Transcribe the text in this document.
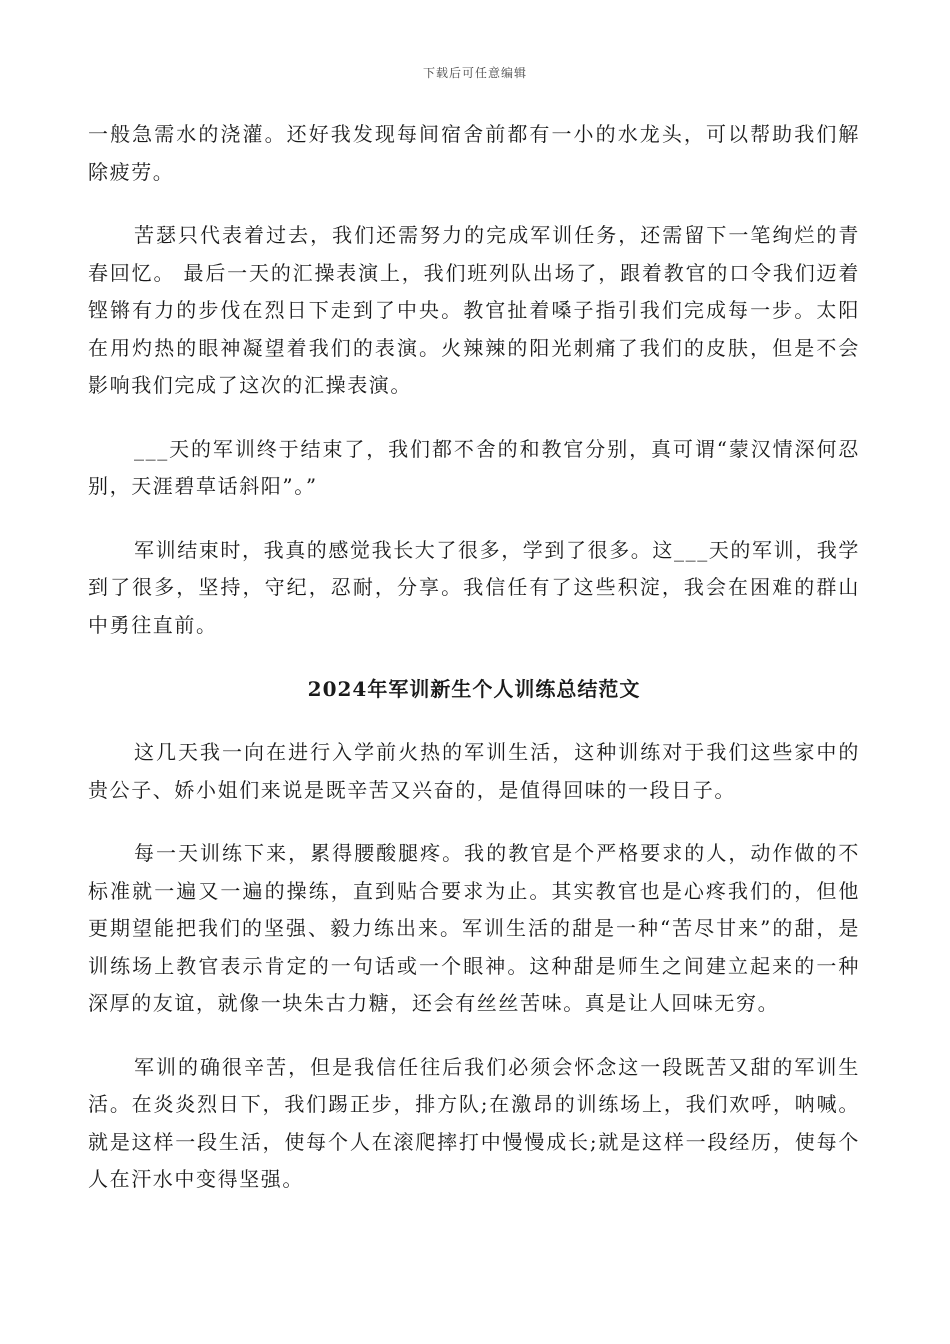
下载后可任意编辑

一般急需水的浇灌。还好我发现每间宿舍前都有一小的水龙头，可以帮助我们解除疲劳。

苦瑟只代表着过去，我们还需努力的完成军训任务，还需留下一笔绚烂的青春回忆。 最后一天的汇操表演上，我们班列队出场了，跟着教官的口令我们迈着铿锵有力的步伐在烈日下走到了中央。教官扯着嗓子指引我们完成每一步。太阳在用灼热的眼神凝望着我们的表演。火辣辣的阳光刺痛了我们的皮肤，但是不会影响我们完成了这次的汇操表演。

___天的军训终于结束了，我们都不舍的和教官分别，真可谓“蒙汉情深何忍别，天涯碧草话斜阳”。”

军训结束时，我真的感觉我长大了很多，学到了很多。这___天的军训，我学到了很多，坚持，守纪，忍耐，分享。我信任有了这些积淀，我会在困难的群山中勇往直前。

2024年军训新生个人训练总结范文

这几天我一向在进行入学前火热的军训生活，这种训练对于我们这些家中的贵公子、娇小姐们来说是既辛苦又兴奋的，是值得回味的一段日子。

每一天训练下来，累得腰酸腿疼。我的教官是个严格要求的人，动作做的不标准就一遍又一遍的操练，直到贴合要求为止。其实教官也是心疼我们的，但他更期望能把我们的坚强、毅力练出来。军训生活的甜是一种“苦尽甘来”的甜，是训练场上教官表示肯定的一句话或一个眼神。这种甜是师生之间建立起来的一种深厚的友谊，就像一块朱古力糖，还会有丝丝苦味。真是让人回味无穷。

军训的确很辛苦，但是我信任往后我们必须会怀念这一段既苦又甜的军训生活。在炎炎烈日下，我们踢正步，排方队;在激昂的训练场上，我们欢呼，呐喊。就是这样一段生活，使每个人在滚爬摔打中慢慢成长;就是这样一段经历，使每个人在汗水中变得坚强。
